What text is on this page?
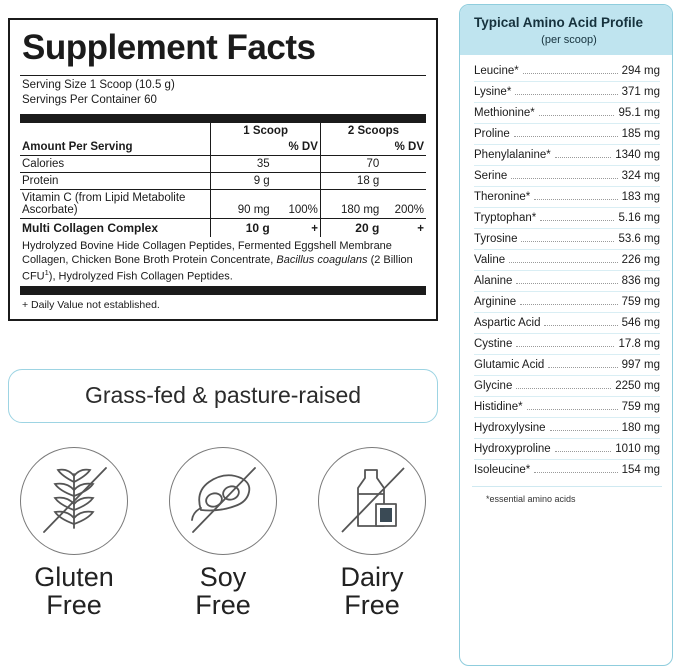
Supplement Facts
Serving Size 1 Scoop (10.5 g)
Servings Per Container 60
	1 Scoop		2 Scoops	
Amount Per Serving		% DV		% DV
Calories	35		70	
Protein	9 g		18 g	
Vitamin C (from Lipid Metabolite Ascorbate)	90 mg	100%	180 mg	200%
Multi Collagen Complex	10 g	+	20 g	+
Hydrolyzed Bovine Hide Collagen Peptides, Fermented Eggshell Membrane Collagen, Chicken Bone Broth Protein Concentrate, Bacillus coagulans (2 Billion CFU$^1$), Hydrolyzed Fish Collagen Peptides.				
+ Daily Value not established.
Grass-fed & pasture-raised
Gluten
Free
Soy
Free
Dairy
Free
Typical Amino Acid Profile
(per scoop)
Leucine*	294 mg
Lysine*	371 mg
Methionine*	95.1 mg
Proline	185 mg
Phenylalanine*	1340 mg
Serine	324 mg
Theronine*	183 mg
Tryptophan*	5.16 mg
Tyrosine	53.6 mg
Valine	226 mg
Alanine	836 mg
Arginine	759 mg
Aspartic Acid	546 mg
Cystine	17.8 mg
Glutamic Acid	997 mg
Glycine	2250 mg
Histidine*	759 mg
Hydroxylysine	180 mg
Hydroxyproline	1010 mg
Isoleucine*	154 mg
*essential amino acids
